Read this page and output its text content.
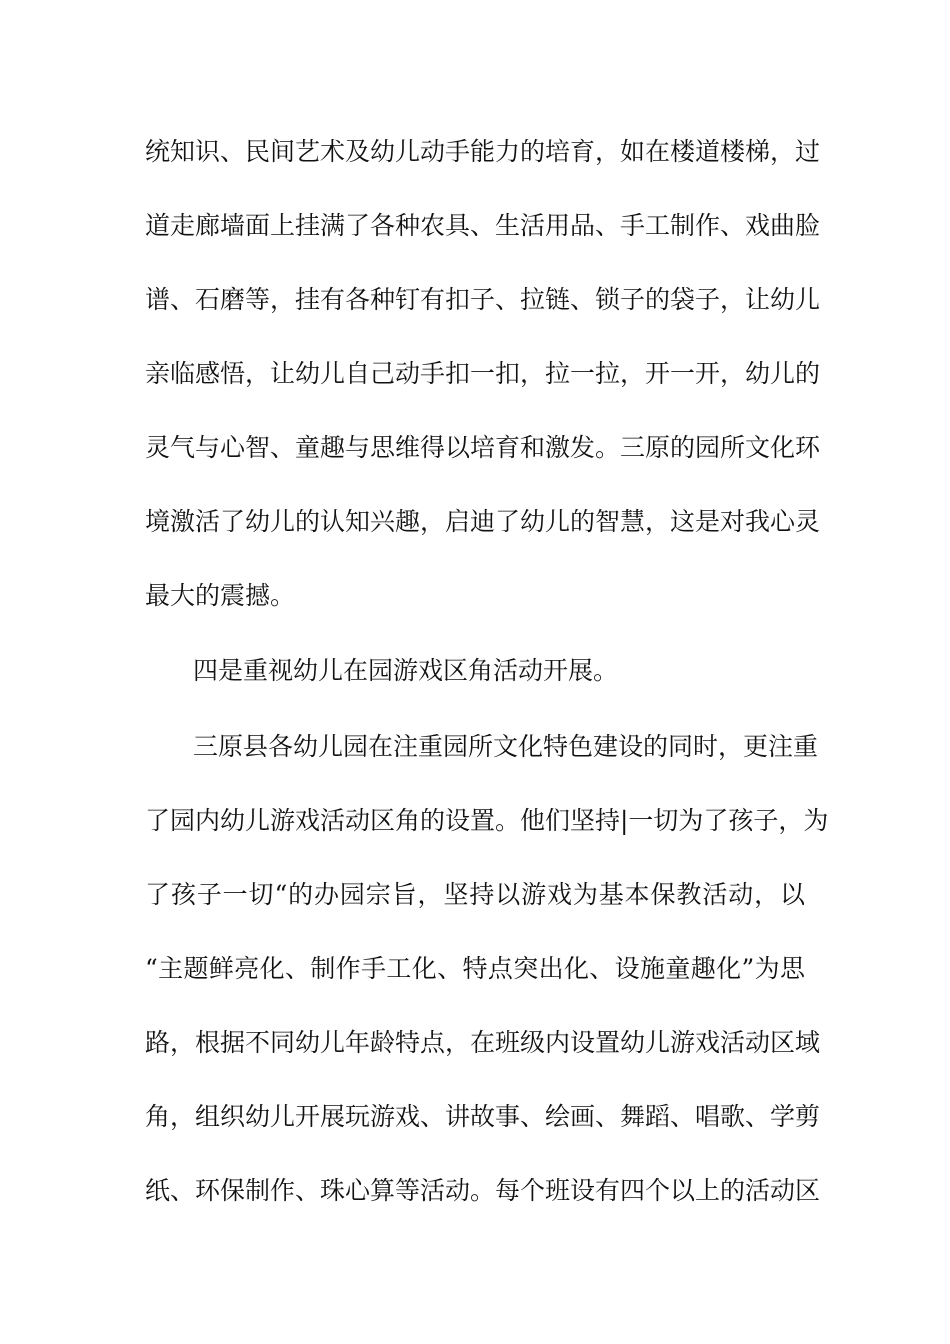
统知识、民间艺术及幼儿动手能力的培育，如在楼道楼梯，过
道走廊墙面上挂满了各种农具、生活用品、手工制作、戏曲脸
谱、石磨等，挂有各种钉有扣子、拉链、锁子的袋子，让幼儿
亲临感悟，让幼儿自己动手扣一扣，拉一拉，开一开，幼儿的
灵气与心智、童趣与思维得以培育和激发。三原的园所文化环
境激活了幼儿的认知兴趣，启迪了幼儿的智慧，这是对我心灵
最大的震撼。
四是重视幼儿在园游戏区角活动开展。
三原县各幼儿园在注重园所文化特色建设的同时，更注重
了园内幼儿游戏活动区角的设置。他们坚持|一切为了孩子，为
了孩子一切“的办园宗旨，坚持以游戏为基本保教活动，以
“主题鲜亮化、制作手工化、特点突出化、设施童趣化”为思
路，根据不同幼儿年龄特点，在班级内设置幼儿游戏活动区域
角，组织幼儿开展玩游戏、讲故事、绘画、舞蹈、唱歌、学剪
纸、环保制作、珠心算等活动。每个班设有四个以上的活动区
